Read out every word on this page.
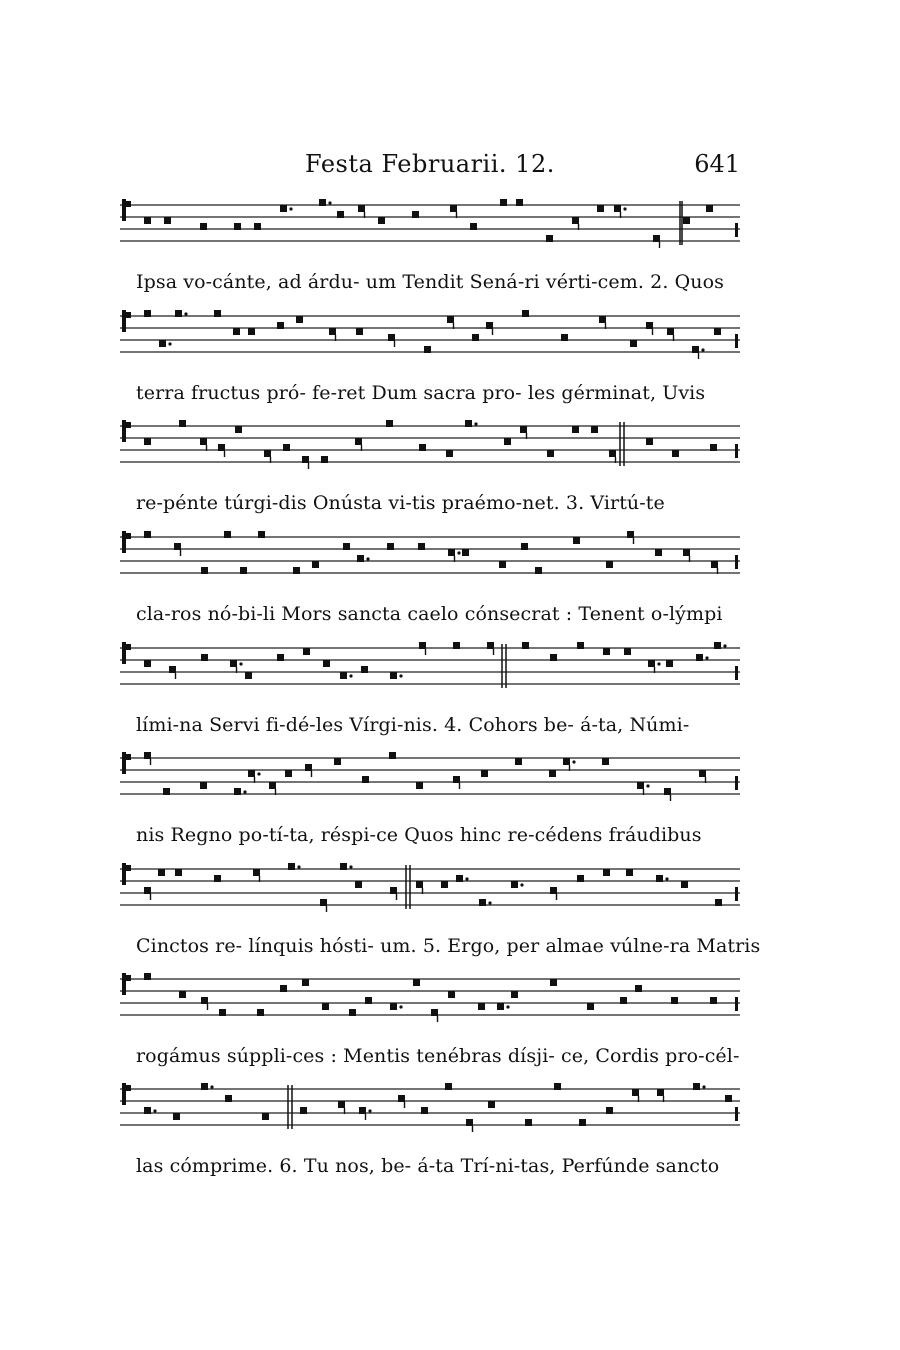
Festa Februarii. 12.	641
Ipsa vo-cánte, ad árdu- um Tendit Sená-ri vérti-cem. 2. Quos
terra fructus pró- fe-ret Dum sacra pro- les gérminat, Uvis
re-pénte túrgi-dis Onústa vi-tis praémo-net. 3. Virtú-te
cla-ros nó-bi-li Mors sancta caelo cónsecrat : Tenent o-lýmpi
lími-na Servi fi-dé-les Vírgi-nis. 4. Cohors be- á-ta, Númi-
nis Regno po-tí-ta, réspi-ce Quos hinc re-cédens fráudibus
Cinctos re- línquis hósti- um. 5. Ergo, per almae vúlne-ra Matris
rogámus súppli-ces : Mentis tenébras dísji- ce, Cordis pro-cél-
las cómprime. 6. Tu nos, be- á-ta Trí-ni-tas, Perfúnde sancto
